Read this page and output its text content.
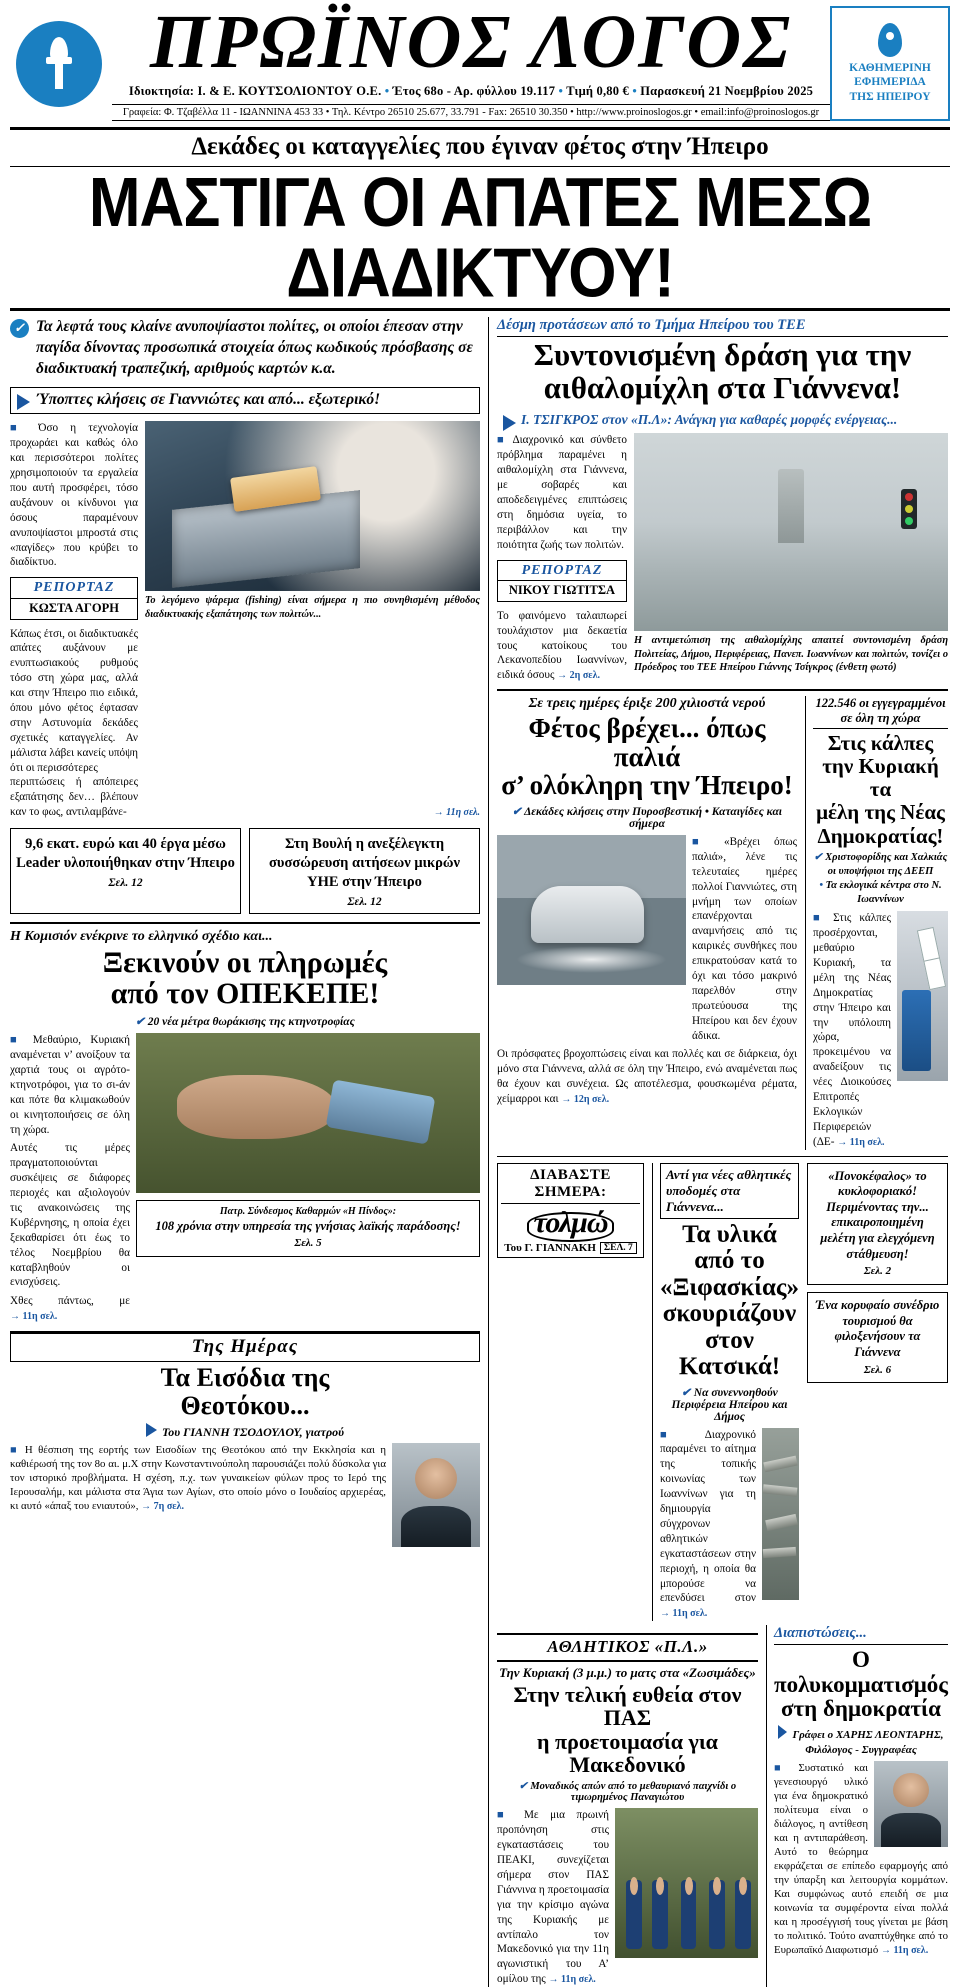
ΠΡΩΪΝΟΣ ΛΟΓΟΣ
Ιδιοκτησία: Ι. & Ε. ΚΟΥΤΣΟΛΙΟΝΤΟΥ Ο.Ε. • Έτος 68ο - Αρ. φύλλου 19.117 • Τιμή 0,80 € • Παρασκευή 21 Νοεμβρίου 2025
Γραφεία: Φ. Τζαβέλλα 11 - ΙΩΑΝΝΙΝΑ 453 33 • Τηλ. Κέντρο 26510 25.677, 33.791 - Fax: 26510 30.350 • http://www.proinoslogos.gr • email:info@proinoslogos.gr
ΚΑΘΗΜΕΡΙΝΗ
ΕΦΗΜΕΡΙΔΑ
ΤΗΣ ΗΠΕΙΡΟΥ
Δεκάδες οι καταγγελίες που έγιναν φέτος στην Ήπειρο
ΜΑΣΤΙΓΑ ΟΙ ΑΠΑΤΕΣ ΜΕΣΩ ΔΙΑΔΙΚΤΥΟΥ!
✓ Τα λεφτά τους κλαίνε ανυποψίαστοι πολίτες, οι οποίοι έπεσαν στην παγίδα δίνοντας προσωπικά στοιχεία όπως κωδικούς πρόσβασης σε διαδικτυακή τραπεζική, αριθμούς καρτών κ.α.
Ύποπτες κλήσεις σε Γιαννιώτες και από... εξωτερικό!

■ Όσο η τεχνολογία προχωράει και καθώς όλο και περισσότεροι πολίτες χρησιμοποιούν τα εργαλεία που αυτή προσφέρει, τόσο αυξάνουν οι κίνδυνοι για όσους παραμένουν ανυποψίαστοι μπροστά στις «παγίδες» που κρύβει το διαδίκτυο.

ΡΕΠΟΡΤΑΖ
ΚΩΣΤΑ ΑΓΟΡΗ

Κάπως έτσι, οι διαδικτυακές απάτες αυξάνουν με ενυπτωσιακούς ρυθμούς τόσο στη χώρα μας, αλλά και στην Ήπειρο πιο ειδικά, όπου μόνο φέτος έφτασαν στην Αστυνομία δεκάδες σχετικές καταγγελίες. Αν μάλιστα λάβει κανείς υπόψη ότι οι περισσότερες

Το λεγόμενο ψάρεμα (fishing) είναι σήμερα η πιο συνηθισμένη μέθοδος διαδικτυακής εξαπάτησης των πολιτών...

περιπτώσεις ή απόπειρες εξαπάτησης δεν… βλέπουν καν το φως, αντιλαμβάνε-	→ 11η σελ.
9,6 εκατ. ευρώ και 40 έργα μέσω Leader υλοποιήθηκαν στην Ήπειρο
Σελ. 12
Στη Βουλή η ανεξέλεγκτη συσσώρευση αιτήσεων μικρών ΥΗΕ στην Ήπειρο
Σελ. 12
Η Κομισιόν ενέκρινε το ελληνικό σχέδιο και...
Ξεκινούν οι πληρωμές
από τον ΟΠΕΚΕΠΕ!
✔ 20 νέα μέτρα θωράκισης της κτηνοτροφίας

■ Μεθαύριο, Κυριακή αναμένεται ν’ ανοίξουν τα χαρτιά τους οι αγρότο-κτηνοτρόφοι, για το σι-άν και πότε θα κλιμακωθούν οι κινητοποιήσεις σε όλη τη χώρα.

Αυτές τις μέρες πραγματοποιούνται συσκέψεις σε διάφορες περιοχές και αξιολογούν τις ανακοινώσεις της Κυβέρνησης, η οποία έχει ξεκαθαρίσει ότι έως το τέλος Νοεμβρίου θα καταβληθούν οι ενισχύσεις.

Χθες πάντως, με → 11η σελ.

Πατρ. Σύνδεσμος Καθαρμών «Η Πίνδος»:
108 χρόνια στην υπηρεσία της γνήσιας λαϊκής παράδοσης!
Σελ. 5
Της Ημέρας
Τα Εισόδια της
Θεοτόκου...
Του ΓΙΑΝΝΗ ΤΣΟΔΟΥΛΟΥ, γιατρού
■ Η θέσπιση της εορτής των Εισοδίων της Θεοτόκου από την Εκκλησία και η καθιέρωσή της τον 8ο αι. μ.Χ στην Κωνσταντινούπολη παρουσιάζει πολύ δύσκολα για τον ιστορικό προβλήματα. Η σχέση, π.χ. των γυναικείων φύλων προς το Ιερό της Ιερουσαλήμ, και μάλιστα στα Άγια των Αγίων, στο οποίο μόνο ο Ιουδαίος αρχιερέας, κι αυτό «άπαξ του ενιαυτού», → 7η σελ.
Δέσμη προτάσεων από το Τμήμα Ηπείρου του ΤΕΕ
Συντονισμένη δράση για την
αιθαλομίχλη στα Γιάννενα!
Ι. ΤΣΙΓΚΡΟΣ στον «Π.Λ»: Ανάγκη για καθαρές μορφές ενέργειας...

■ Διαχρονικό και σύνθετο πρόβλημα παραμένει η αιθαλομίχλη στα Γιάννενα, με σοβαρές και αποδεδειγμένες επιπτώσεις στη δημόσια υγεία, το περιβάλλον και την ποιότητα ζωής των πολιτών.

ΡΕΠΟΡΤΑΖ
ΝΙΚΟΥ ΓΙΩΤΙΤΣΑ

Το φαινόμενο ταλαιπωρεί τουλάχιστον μια δεκαετία τους κατοίκους του Λεκανοπεδίου Ιωαννίνων, ειδικά όσους → 2η σελ.

Η αντιμετώπιση της αιθαλομίχλης απαιτεί συντονισμένη δράση Πολιτείας, Δήμου, Περιφέρειας, Πανεπ. Ιωαννίνων και πολιτών, τονίζει ο Πρόεδρος του ΤΕΕ Ηπείρου Γιάννης Τσίγκρος (ένθετη φωτό)
Σε τρεις ημέρες έριξε 200 χιλιοστά νερού
Φέτος βρέχει... όπως παλιά
σ’ ολόκληρη την Ήπειρο!
✔ Δεκάδες κλήσεις στην Πυροσβεστική • Καταιγίδες και σήμερα

■ «Βρέχει όπως παλιά», λένε τις τελευταίες ημέρες πολλοί Γιαννιώτες, στη μνήμη των οποίων επανέρχονται αναμνήσεις από τις καιρικές συνθήκες που επικρατούσαν κατά το όχι και τόσο μακρινό παρελθόν στην πρωτεύουσα της Ηπείρου και δεν έχουν άδικα.

Οι πρόσφατες βροχοπτώσεις είναι και πολλές και σε διάρκεια, όχι μόνο στα Γιάννενα, αλλά σε όλη την Ήπειρο, ενώ αναμένεται πως θα έχουν και συνέχεια. Ως αποτέλεσμα, φουσκωμένα ρέματα, χείμαρροι και → 12η σελ.

122.546 οι εγγεγραμμένοι σε όλη τη χώρα
Στις κάλπες την Κυριακή τα
μέλη της Νέας Δημοκρατίας!
✔ Χριστοφορίδης και Χαλκιάς οι υποψήφιοι της ΔΕΕΠ
• Τα εκλογικά κέντρα στο Ν. Ιωαννίνων

■ Στις κάλπες προσέρχονται, μεθαύριο Κυριακή, τα μέλη της Νέας Δημοκρατίας στην Ήπειρο και την υπόλοιπη χώρα, προκειμένου να αναδείξουν τις νέες Διοικούσες Επιτροπές Εκλογικών Περιφερειών (ΔΕ- → 11η σελ.

ΔΙΑΒΑΣΤΕ ΣΗΜΕΡΑ:
τολμώ
Του Γ. ΓΙΑΝΝΑΚΗ ΣΕΛ. 7
Αντί για νέες αθλητικές υποδομές στα Γιάννενα...
Τα υλικά από το «Ξιφασκίας»
σκουριάζουν στον Κατσικά!
✔ Να συνεννοηθούν Περιφέρεια Ηπείρου και Δήμος

■ Διαχρονικό παραμένει το αίτημα της τοπικής κοινωνίας των Ιωαννίνων για τη δημιουργία σύγχρονων αθλητικών εγκαταστάσεων στην περιοχή, η οποία θα μπορούσε να επενδύσει στον → 11η σελ.

«Πονοκέφαλος» το κυκλοφοριακό! Περιμένοντας την... επικαιροποιημένη μελέτη για ελεγχόμενη στάθμευση!
Σελ. 2
Ένα κορυφαίο συνέδριο τουρισμού θα φιλοξενήσουν τα Γιάννενα
Σελ. 6
ΑΘΛΗΤΙΚΟΣ «Π.Λ.»
Την Κυριακή (3 μ.μ.) το ματς στα «Ζωσιμάδες»
Στην τελική ευθεία στον ΠΑΣ
η προετοιμασία για Μακεδονικό
✔ Μοναδικός απών από το μεθαυριανό παιχνίδι ο τιμωρημένος Παναγιώτου

■ Με μια πρωινή προπόνηση στις εγκαταστάσεις του ΠΕΑΚΙ, συνεχίζεται σήμερα στον ΠΑΣ Γιάννινα η προετοιμασία για την κρίσιμο αγώνα της Κυριακής με αντίπαλο τον Μακεδονικό για την 11η αγωνιστική του Α’ ομίλου της → 11η σελ.

Διαπιστώσεις...
Ο πολυκομματισμός
στη δημοκρατία
Γράφει ο ΧΑΡΗΣ ΛΕΟΝΤΑΡΗΣ,
Φιλόλογος - Συγγραφέας
■ Συστατικό και γενεσιουργό υλικό για ένα δημοκρατικό πολίτευμα είναι ο διάλογος, η αντίθεση και η αντιπαράθεση. Αυτό το θεώρημα εκφράζεται σε επίπεδο εφαρμογής από την ύπαρξη και λειτουργία κομμάτων. Και συμφώνως αυτό επειδή σε μια κοινωνία τα συμφέροντα είναι πολλά και η προσέγγισή τους γίνεται με βάση το πολιτικό. Τούτο αναπτύχθηκε από το Ευρωπαϊκό Διαφωτισμό → 11η σελ.
